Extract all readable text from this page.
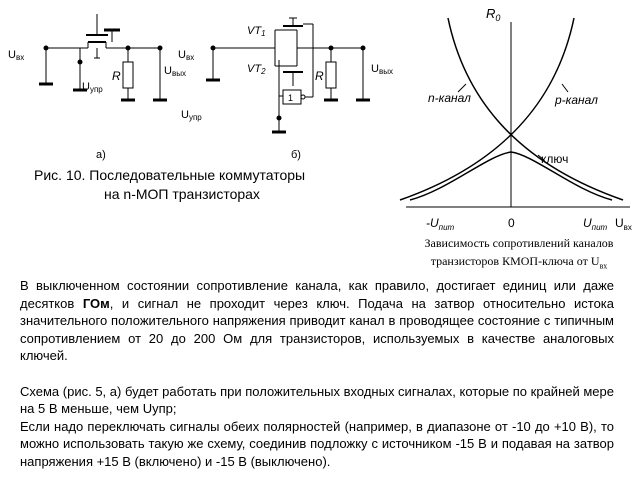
Uвх
Uвых
Uупр
R
а)
Uвх
Uвых
Uупр
VT1
VT2
1
R
б)
Рис. 10. Последовательные коммутаторы
на n-МОП транзисторах
$R_0$
n-канал	p-канал
ключ
$-U_{пит}$	0	$U_{пит}$ $U_{вх}$
Зависимость сопротивлений каналов
транзисторов КМОП-ключа от $U_{вх}$

В выключенном состоянии сопротивление канала, как правило, достигает единиц или даже десятков ГОм, и сигнал не проходит через ключ. Подача на затвор относительно истока значительного положительного напряжения приводит канал в проводящее состояние с типичным сопротивлением от 20 до 200 Ом для транзисторов, используемых в качестве аналоговых ключей.

Схема (рис. 5, а) будет работать при положительных входных сигналах, которые по крайней мере на 5 В меньше, чем Uупр;

Если надо переключать сигналы обеих полярностей (например, в диапазоне от -10 до +10 В), то можно использовать такую же схему, соединив подложку с источником -15 В и подавая на затвор напряжения +15 В (включено) и -15 В (выключено).
